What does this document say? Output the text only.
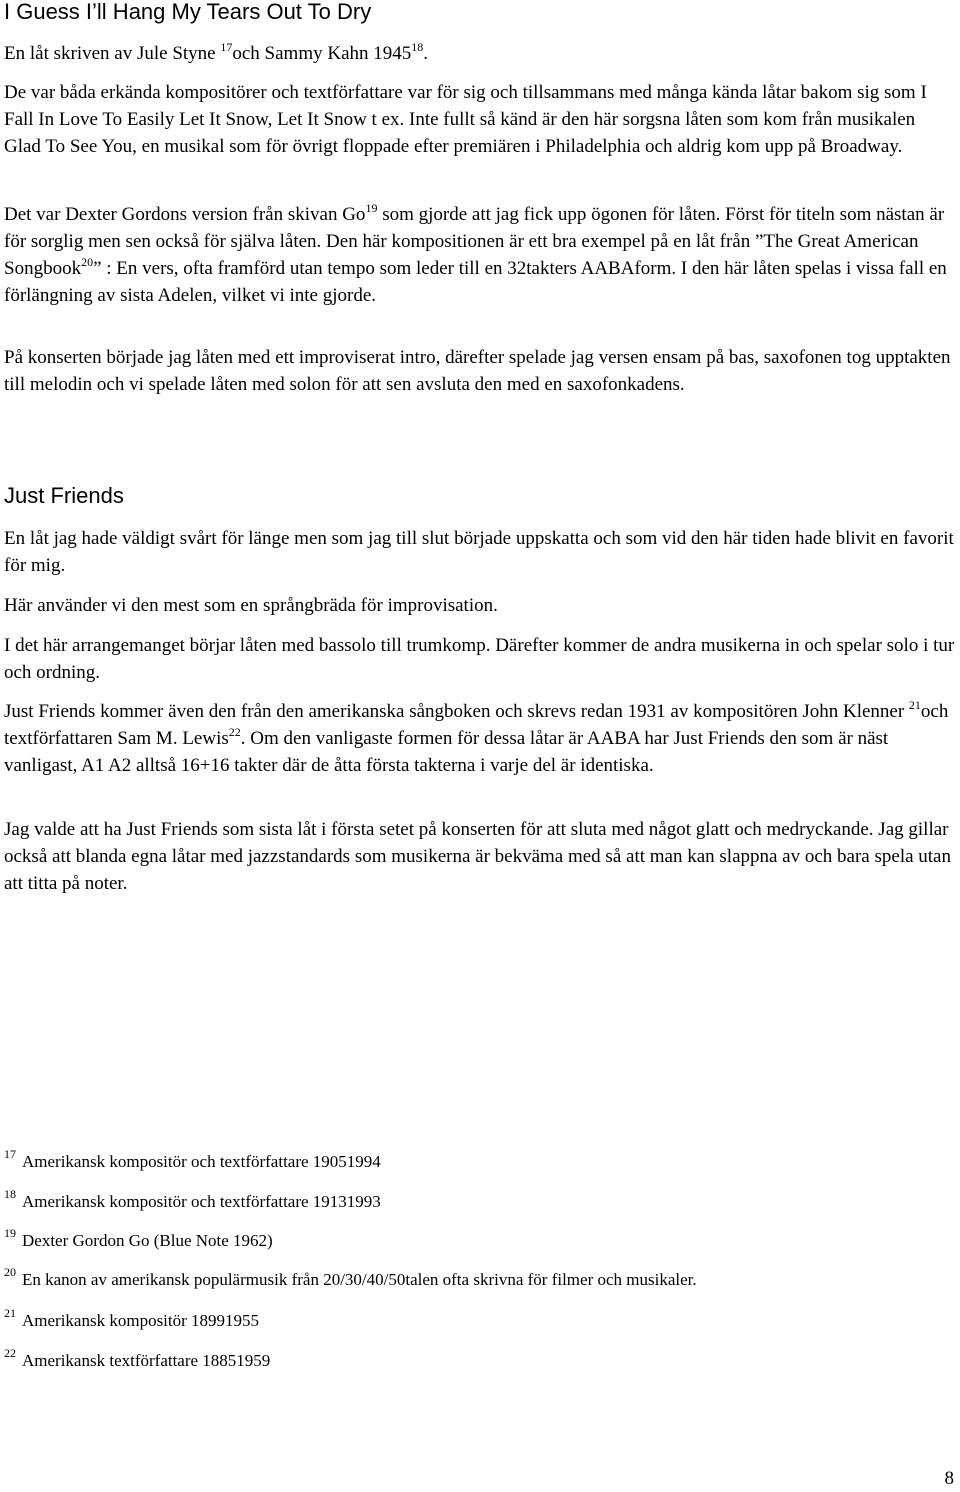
I Guess I’ll Hang My Tears Out To Dry

En låt skriven av Jule Styne $^{17}$och Sammy Kahn 1945$^{18}$.

De var båda erkända kompositörer och textförfattare var för sig och tillsammans med många kända låtar bakom sig som I Fall In Love To Easily Let It Snow, Let It Snow t ex. Inte fullt så känd är den här sorgsna låten som kom från musikalen Glad To See You, en musikal som för övrigt floppade efter premiären i Philadelphia och aldrig kom upp på Broadway.

Det var Dexter Gordons version från skivan Go$^{19}$ som gjorde att jag fick upp ögonen för låten. Först för titeln som nästan är för sorglig men sen också för själva låten. Den här kompositionen är ett bra exempel på en låt från ”The Great American Songbook$^{20}$” : En vers, ofta framförd utan tempo som leder till en 32takters AABAform. I den här låten spelas i vissa fall en förlängning av sista Adelen, vilket vi inte gjorde.

På konserten började jag låten med ett improviserat intro, därefter spelade jag versen ensam på bas, saxofonen tog upptakten till melodin och vi spelade låten med solon för att sen avsluta den med en saxofonkadens.

Just Friends

En låt jag hade väldigt svårt för länge men som jag till slut började uppskatta och som vid den här tiden hade blivit en favorit för mig.

Här använder vi den mest som en språngbräda för improvisation.

I det här arrangemanget börjar låten med bassolo till trumkomp. Därefter kommer de andra musikerna in och spelar solo i tur och ordning.

Just Friends kommer även den från den amerikanska sångboken och skrevs redan 1931 av kompositören John Klenner $^{21}$och textförfattaren Sam M. Lewis$^{22}$. Om den vanligaste formen för dessa låtar är AABA har Just Friends den som är näst vanligast, A1 A2 alltså 16+16 takter där de åtta första takterna i varje del är identiska.

Jag valde att ha Just Friends som sista låt i första setet på konserten för att sluta med något glatt och medryckande. Jag gillar också att blanda egna låtar med jazzstandards som musikerna är bekväma med så att man kan slappna av och bara spela utan att titta på noter.

$^{17}$ Amerikansk kompositör och textförfattare 19051994
$^{18}$ Amerikansk kompositör och textförfattare 19131993
$^{19}$ Dexter Gordon Go (Blue Note 1962)
$^{20}$ En kanon av amerikansk populärmusik från 20/30/40/50talen ofta skrivna för filmer och musikaler.
$^{21}$ Amerikansk kompositör 18991955
$^{22}$ Amerikansk textförfattare 18851959
8
